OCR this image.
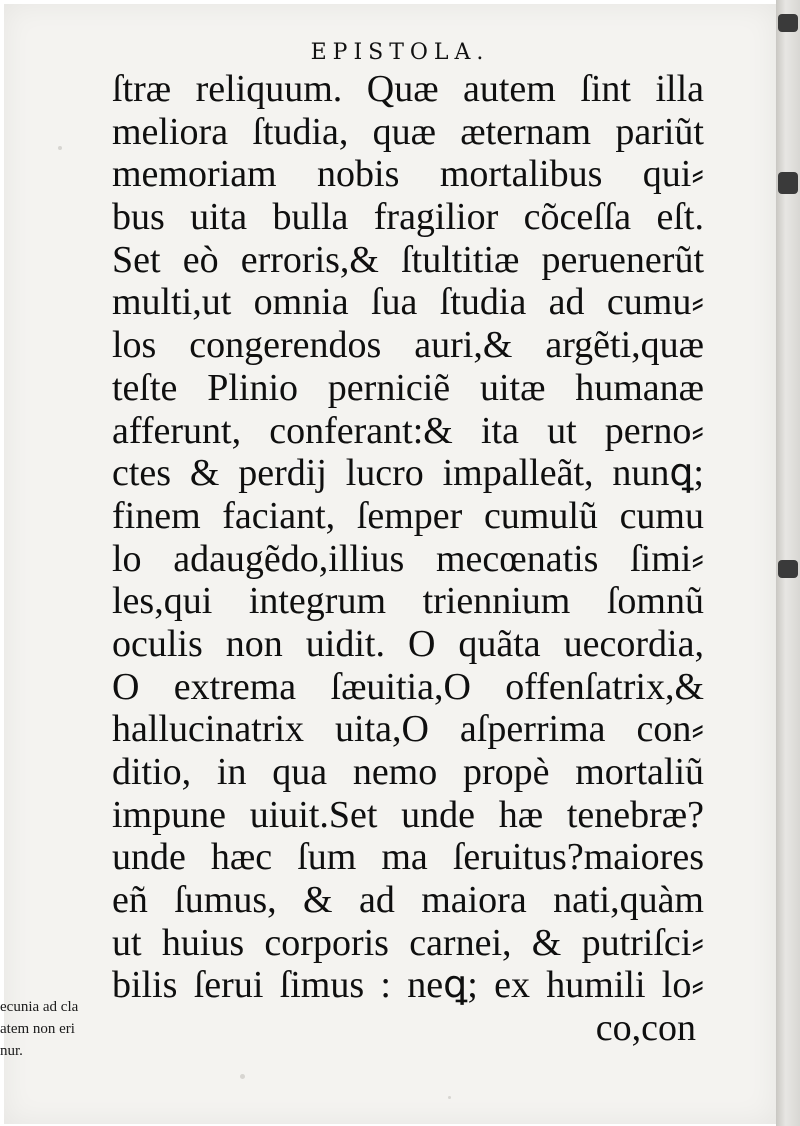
EPISTOLA.
ſtræ reliquum. Quæ autem ſint illa
meliora ſtudia, quæ æternam pariũt
memoriam nobis mortalibus qui⸗
bus uita bulla fragilior cõceſſa eſt.
Set eò erroris,& ſtultitiæ peruenerũt
multi,ut omnia ſua ſtudia ad cumu⸗
los congerendos auri,& argẽti,quæ
teſte Plinio perniciẽ uitæ humanæ
afferunt, conferant:& ita ut perno⸗
ctes & perdij lucro impalleãt, nunꝗ;
finem faciant, ſemper cumulũ cumu
lo adaugẽdo,illius mecœnatis ſimi⸗
les,qui integrum triennium ſomnũ
oculis non uidit. O quãta uecordia,
O extrema ſæuitia,O offenſatrix,&
hallucinatrix uita,O aſperrima con⸗
ditio, in qua nemo propè mortaliũ
impune uiuit.Set unde hæ tenebræ?
unde hæc ſum ma ſeruitus?maiores
eñ ſumus, & ad maiora nati,quàm
ut huius corporis carnei, & putriſci⸗
bilis ſerui ſimus : neꝗ; ex humili lo⸗
co,con
ecunia ad cla
atem non eri
nur.
